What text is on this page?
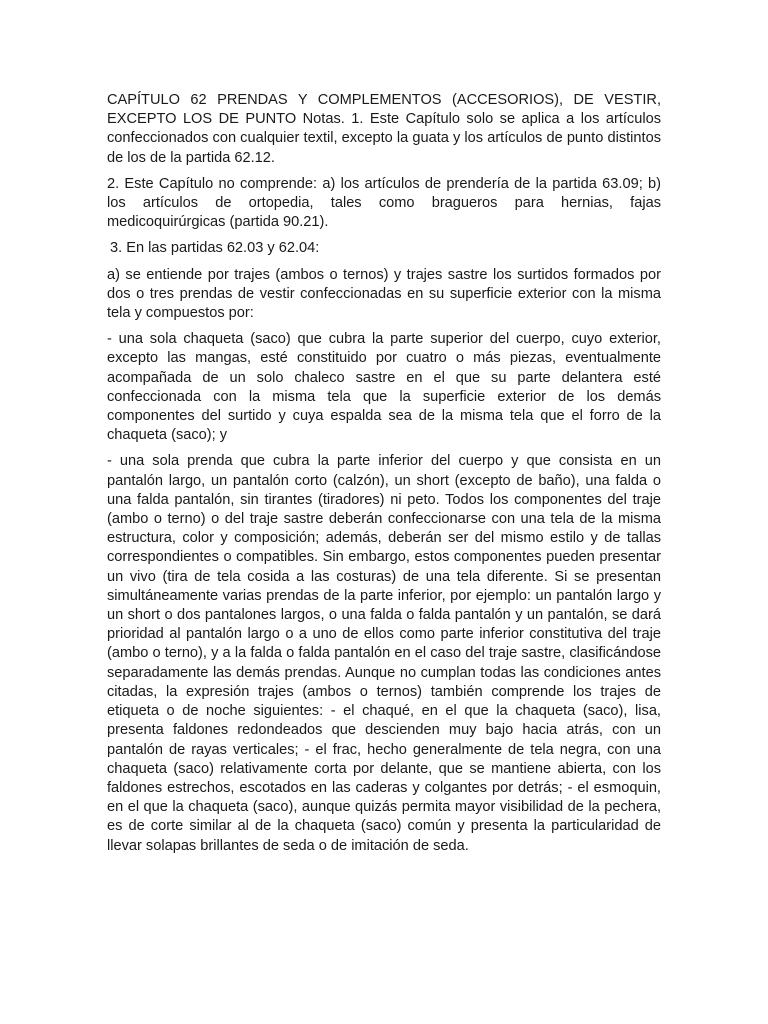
CAPÍTULO 62 PRENDAS Y COMPLEMENTOS (ACCESORIOS), DE VESTIR, EXCEPTO LOS DE PUNTO Notas. 1. Este Capítulo solo se aplica a los artículos confeccionados con cualquier textil, excepto la guata y los artículos de punto distintos de los de la partida 62.12.

2. Este Capítulo no comprende: a) los artículos de prendería de la partida 63.09; b) los artículos de ortopedia, tales como bragueros para hernias, fajas medicoquirúrgicas (partida 90.21).

3. En las partidas 62.03 y 62.04:

a) se entiende por trajes (ambos o ternos) y trajes sastre los surtidos formados por dos o tres prendas de vestir confeccionadas en su superficie exterior con la misma tela y compuestos por:

- una sola chaqueta (saco) que cubra la parte superior del cuerpo, cuyo exterior, excepto las mangas, esté constituido por cuatro o más piezas, eventualmente acompañada de un solo chaleco sastre en el que su parte delantera esté confeccionada con la misma tela que la superficie exterior de los demás componentes del surtido y cuya espalda sea de la misma tela que el forro de la chaqueta (saco); y

- una sola prenda que cubra la parte inferior del cuerpo y que consista en un pantalón largo, un pantalón corto (calzón), un short (excepto de baño), una falda o una falda pantalón, sin tirantes (tiradores) ni peto. Todos los componentes del traje (ambo o terno) o del traje sastre deberán confeccionarse con una tela de la misma estructura, color y composición; además, deberán ser del mismo estilo y de tallas correspondientes o compatibles. Sin embargo, estos componentes pueden presentar un vivo (tira de tela cosida a las costuras) de una tela diferente. Si se presentan simultáneamente varias prendas de la parte inferior, por ejemplo: un pantalón largo y un short o dos pantalones largos, o una falda o falda pantalón y un pantalón, se dará prioridad al pantalón largo o a uno de ellos como parte inferior constitutiva del traje (ambo o terno), y a la falda o falda pantalón en el caso del traje sastre, clasificándose separadamente las demás prendas. Aunque no cumplan todas las condiciones antes citadas, la expresión trajes (ambos o ternos) también comprende los trajes de etiqueta o de noche siguientes: - el chaqué, en el que la chaqueta (saco), lisa, presenta faldones redondeados que descienden muy bajo hacia atrás, con un pantalón de rayas verticales; - el frac, hecho generalmente de tela negra, con una chaqueta (saco) relativamente corta por delante, que se mantiene abierta, con los faldones estrechos, escotados en las caderas y colgantes por detrás; - el esmoquin, en el que la chaqueta (saco), aunque quizás permita mayor visibilidad de la pechera, es de corte similar al de la chaqueta (saco) común y presenta la particularidad de llevar solapas brillantes de seda o de imitación de seda.
